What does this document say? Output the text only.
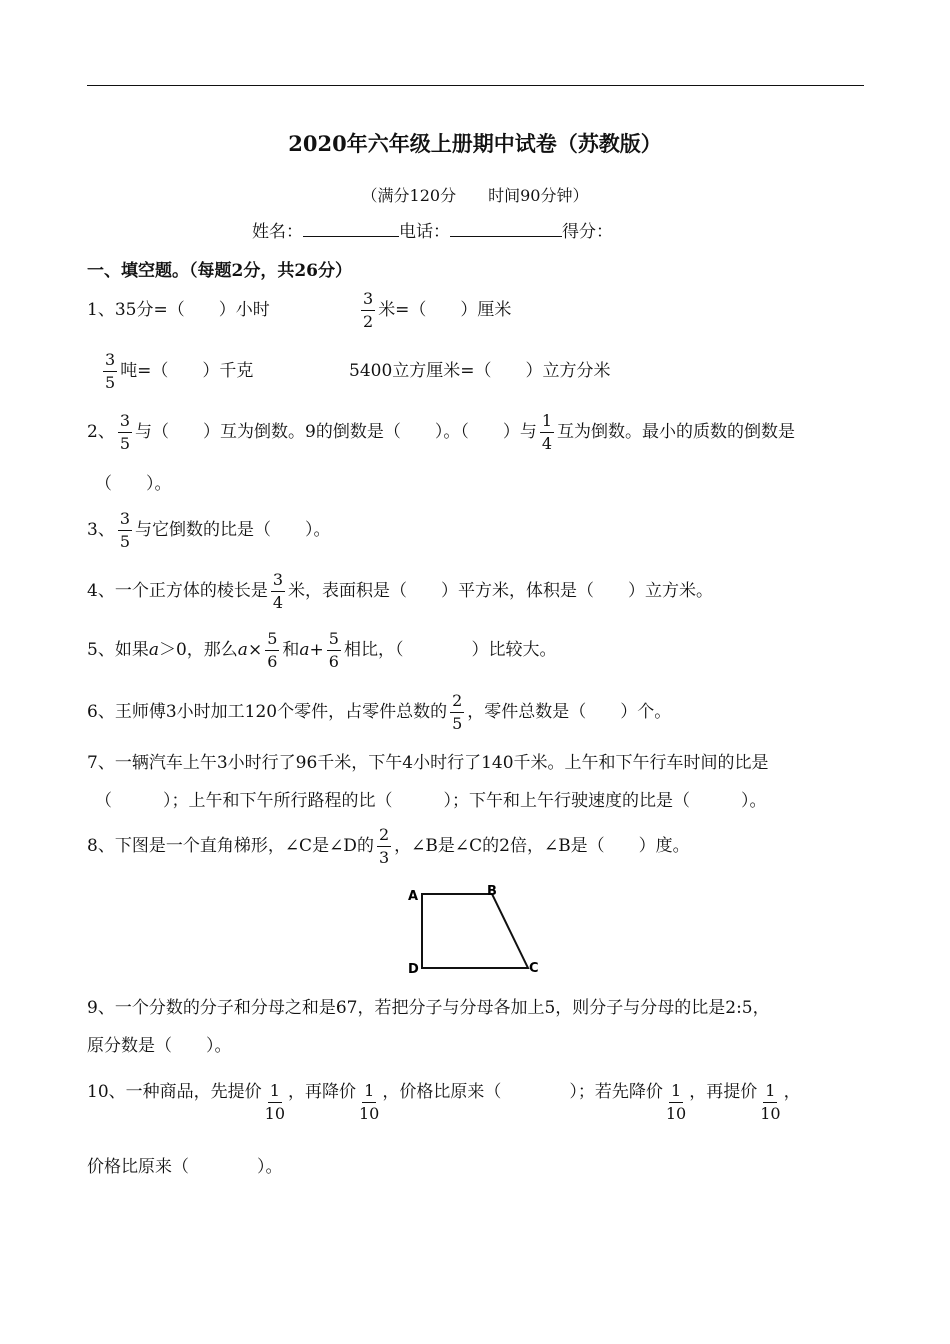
2020年六年级上册期中试卷（苏教版）
（满分120分　　时间90分钟）
姓名：	电话：	得分：
一、填空题。（每题2分，共26分）
1、35分=（　　）小时	$\frac{3}{2}$ 米=（　　）厘米
$\frac{3}{5}$ 吨=（　　）千克	5400立方厘米=（　　）立方分米
2、 $\frac{3}{5}$ 与（　　）互为倒数。9的倒数是（　　）。（　　）与 $\frac{1}{4}$ 互为倒数。最小的质数的倒数是
（　　）。
3、 $\frac{3}{5}$ 与它倒数的比是（　　）。
4、一个正方体的棱长是 $\frac{3}{4}$ 米，表面积是（　　）平方米，体积是（　　）立方米。
5、如果a＞0，那么$a\times \frac{5}{6}$ 和$a+ \frac{5}{6}$ 相比，（　　　　）比较大。
6、王师傅3小时加工120个零件，占零件总数的 $\frac{2}{5}$ ，零件总数是（　　）个。
7、一辆汽车上午3小时行了96千米，下午4小时行了140千米。上午和下午行车时间的比是
（　　　）；上午和下午所行路程的比（　　　）；下午和上午行驶速度的比是（　　　）。
8、下图是一个直角梯形，∠C是∠D的 $\frac{2}{3}$ ，∠B是∠C的2倍，∠B是（　　）度。
A	B
C
D
9、一个分数的分子和分母之和是67，若把分子与分母各加上5，则分子与分母的比是2:5，
原分数是（　　）。
10、一种商品，先提价 $\frac{1}{10}$ ，再降价 $\frac{1}{10}$ ，价格比原来（　　　　）；若先降价 $\frac{1}{10}$ ，再提价 $\frac{1}{10}$ ，
价格比原来（　　　　）。
